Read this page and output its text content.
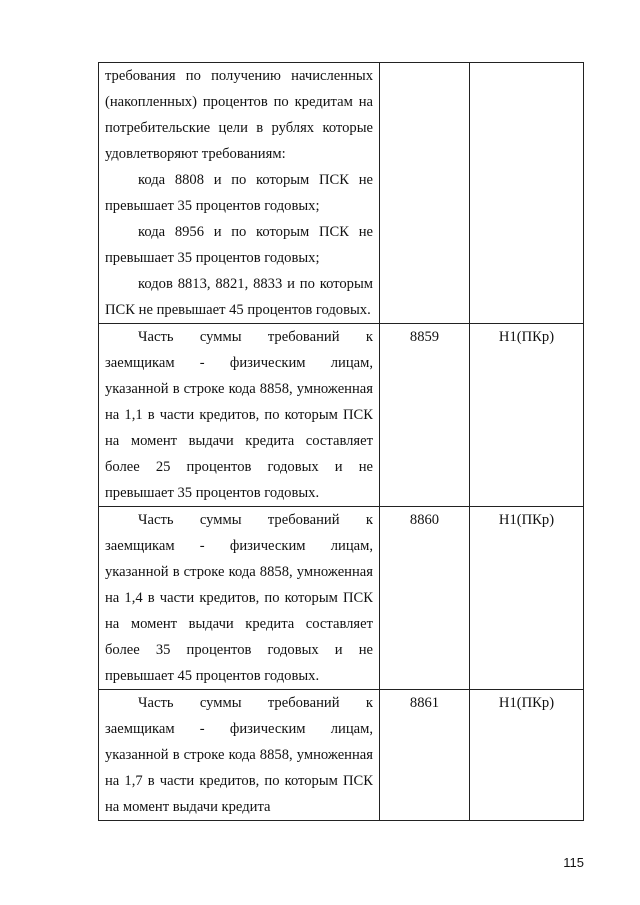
требования по получению начисленных (накопленных) процентов по кредитам на потребительские цели в рублях которые удовлетворяют требованиям:

кода 8808 и по которым ПСК не превышает 35 процентов годовых;

кода 8956 и по которым ПСК не превышает 35 процентов годовых;

кодов 8813, 8821, 8833 и по которым ПСК не превышает 45 процентов годовых.		

Часть суммы требований к заемщикам - физическим лицам, указанной в строке кода 8858, умноженная на 1,1 в части кредитов, по которым ПСК на момент выдачи кредита составляет более 25 процентов годовых и не превышает 35 процентов годовых.	8859	Н1(ПКр)

Часть суммы требований к заемщикам - физическим лицам, указанной в строке кода 8858, умноженная на 1,4 в части кредитов, по которым ПСК на момент выдачи кредита составляет более 35 процентов годовых и не превышает 45 процентов годовых.	8860	Н1(ПКр)

Часть суммы требований к заемщикам - физическим лицам, указанной в строке кода 8858, умноженная на 1,7 в части кредитов, по которым ПСК на момент выдачи кредита	8861	Н1(ПКр)
115
